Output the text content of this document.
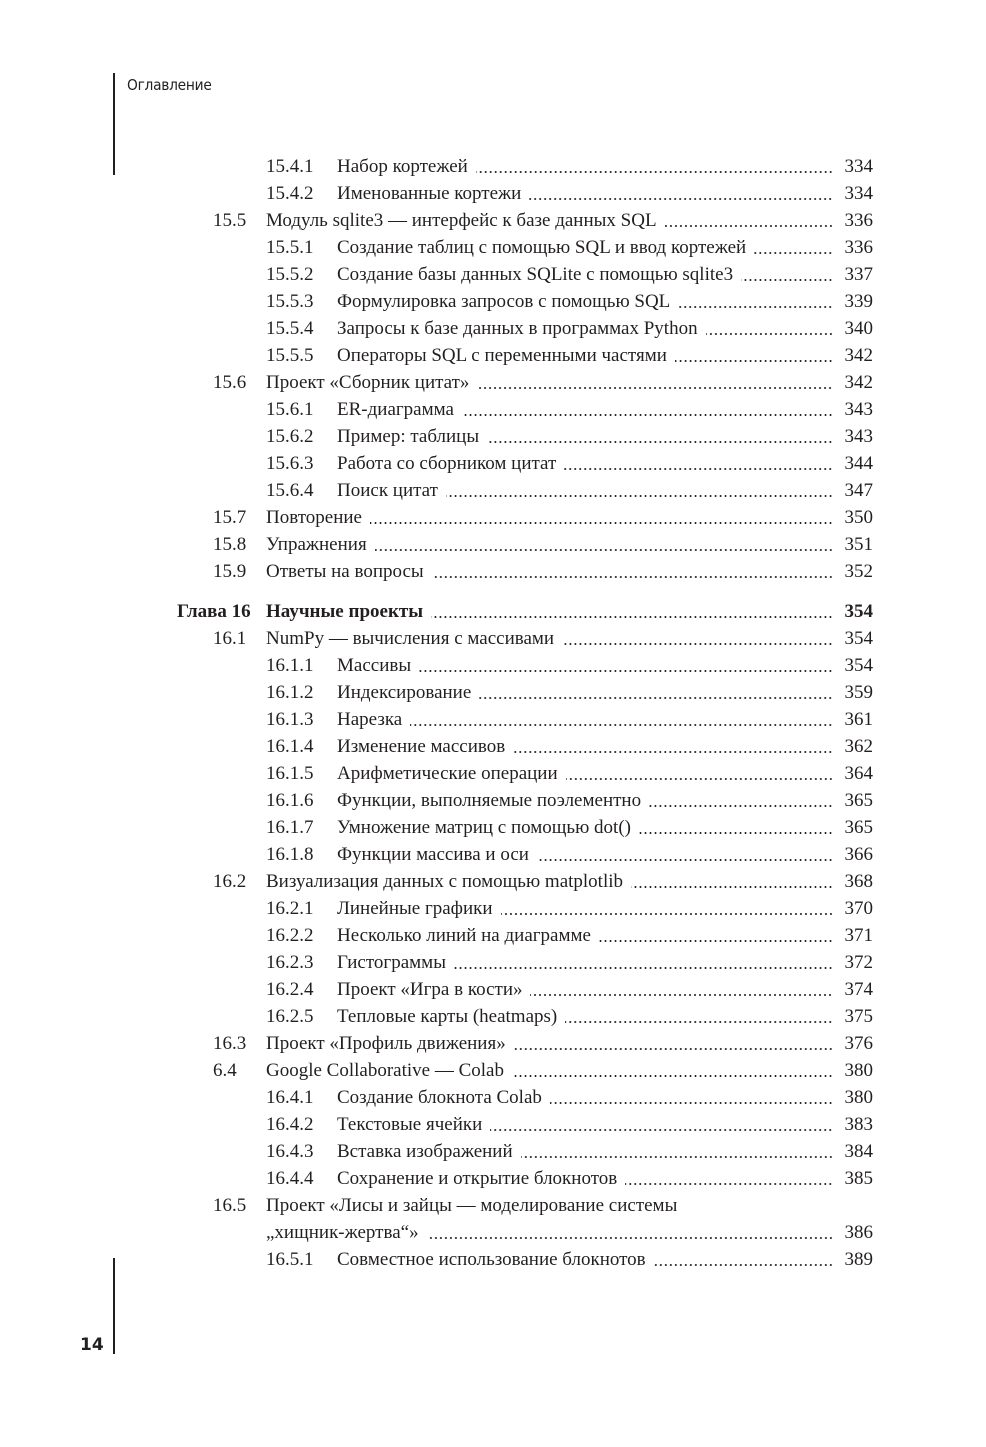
Оглавление
15.4.1 Набор кортежей	334
15.4.2 Именованные кортежи	334
15.5 Модуль sqlite3 — интерфейс к базе данных SQL	336
15.5.1 Создание таблиц с помощью SQL и ввод кортежей	336
15.5.2 Создание базы данных SQLite с помощью sqlite3	337
15.5.3 Формулировка запросов с помощью SQL	339
15.5.4 Запросы к базе данных в программах Python	340
15.5.5 Операторы SQL с переменными частями	342
15.6 Проект «Сборник цитат»	342
15.6.1 ER-диаграмма	343
15.6.2 Пример: таблицы	343
15.6.3 Работа со сборником цитат	344
15.6.4 Поиск цитат	347
15.7 Повторение	350
15.8 Упражнения	351
15.9 Ответы на вопросы	352
Глава 16 Научные проекты	354
16.1 NumPy — вычисления с массивами	354
16.1.1 Массивы	354
16.1.2 Индексирование	359
16.1.3 Нарезка	361
16.1.4 Изменение массивов	362
16.1.5 Арифметические операции	364
16.1.6 Функции, выполняемые поэлементно	365
16.1.7 Умножение матриц с помощью dot()	365
16.1.8 Функции массива и оси	366
16.2 Визуализация данных с помощью matplotlib	368
16.2.1 Линейные графики	370
16.2.2 Несколько линий на диаграмме	371
16.2.3 Гистограммы	372
16.2.4 Проект «Игра в кости»	374
16.2.5 Тепловые карты (heatmaps)	375
16.3 Проект «Профиль движения»	376
6.4 Google Collaborative — Colab	380
16.4.1 Создание блокнота Colab	380
16.4.2 Текстовые ячейки	383
16.4.3 Вставка изображений	384
16.4.4 Сохранение и открытие блокнотов	385
16.5 Проект «Лисы и зайцы — моделирование системы
„хищник-жертва“»	386
16.5.1 Совместное использование блокнотов	389
14
